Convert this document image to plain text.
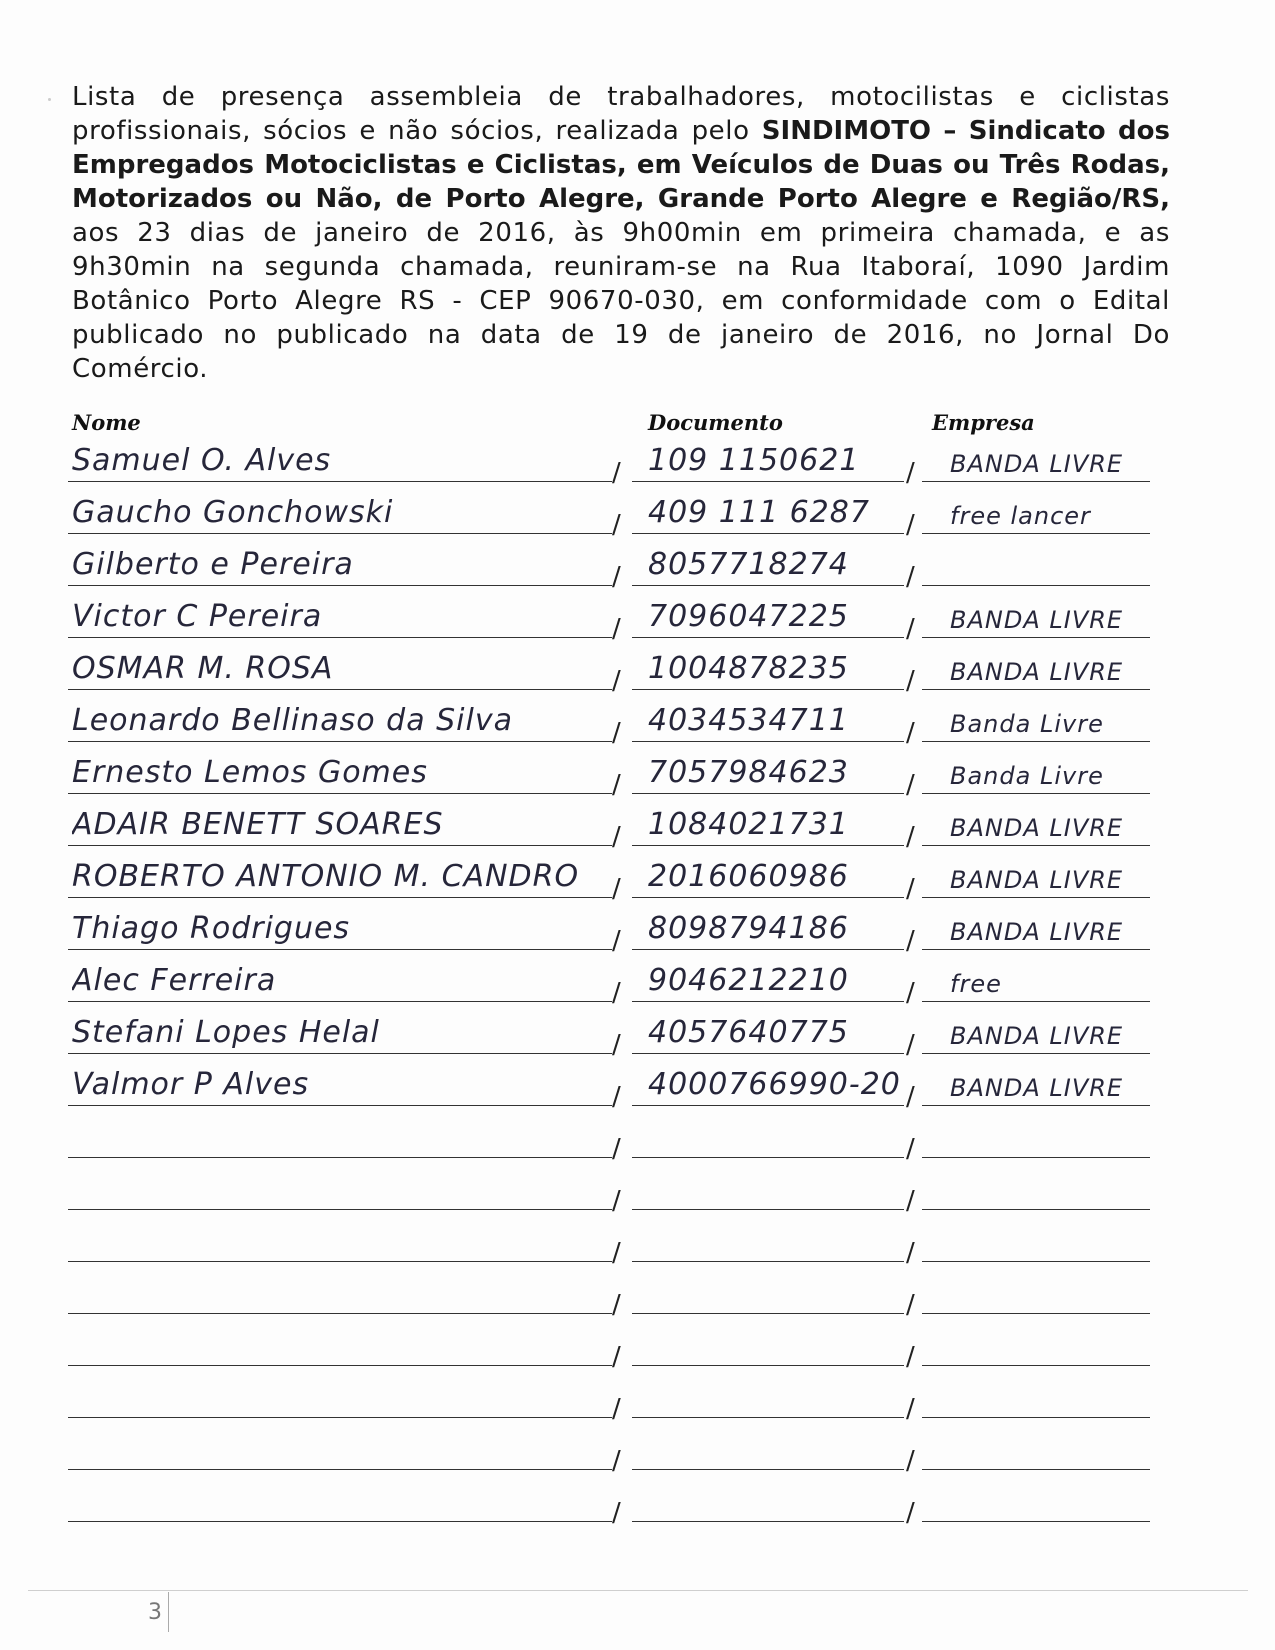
Lista de presença assembleia de trabalhadores, motocilistas e ciclistas profissionais, sócios e não sócios, realizada pelo SINDIMOTO – Sindicato dos Empregados Motociclistas e Ciclistas, em Veículos de Duas ou Três Rodas, Motorizados ou Não, de Porto Alegre, Grande Porto Alegre e Região/RS, aos 23 dias de janeiro de 2016, às 9h00min em primeira chamada, e as 9h30min na segunda chamada, reuniram-se na Rua Itaboraí, 1090 Jardim Botânico Porto Alegre RS - CEP 90670-030, em conformidade com o Edital publicado no publicado na data de 19 de janeiro de 2016, no Jornal Do Comércio.
Nome	Documento	Empresa
Samuel O. Alves	/ 109 1150621	/ BANDA LIVRE
Gaucho Gonchowski	/ 409 111 6287	/ free lancer
Gilberto e Pereira	/ 8057718274	/
Victor C Pereira	/ 7096047225	/ BANDA LIVRE
OSMAR M. ROSA	/ 1004878235	/ BANDA LIVRE
Leonardo Bellinaso da Silva	/ 4034534711	/ Banda Livre
Ernesto Lemos Gomes	/ 7057984623	/ Banda Livre
ADAIR BENETT SOARES	/ 1084021731	/ BANDA LIVRE
ROBERTO ANTONIO M. CANDRO	/ 2016060986	/ BANDA LIVRE
Thiago Rodrigues	/ 8098794186	/ BANDA LIVRE
Alec Ferreira	/ 9046212210	/ free
Stefani Lopes Helal	/ 4057640775	/ BANDA LIVRE
Valmor P Alves	/ 4000766990-20 / BANDA LIVRE
/	/
/	/
/	/
/	/
/	/
/	/
/	/
/	/
3
